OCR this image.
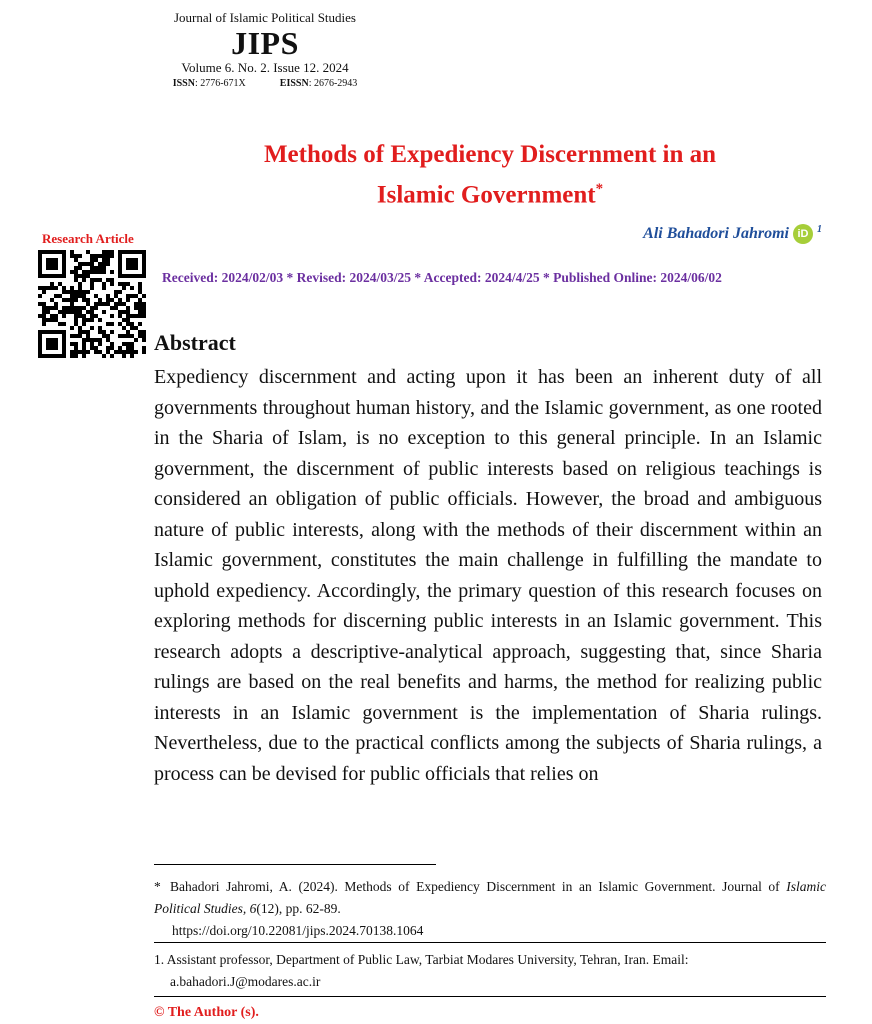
Journal of Islamic Political Studies
JIPS
Volume 6. No. 2. Issue 12. 2024
ISSN: 2776-671X	EISSN: 2676-2943
Methods of Expediency Discernment in an
Islamic Government*
Research Article	Ali Bahadori Jahromi iD 1
Received: 2024/02/03 * Revised: 2024/03/25 * Accepted: 2024/4/25 * Published Online: 2024/06/02
Abstract

Expediency discernment and acting upon it has been an inherent duty of all governments throughout human history, and the Islamic government, as one rooted in the Sharia of Islam, is no exception to this general principle. In an Islamic government, the discernment of public interests based on religious teachings is considered an obligation of public officials. However, the broad and ambiguous nature of public interests, along with the methods of their discernment within an Islamic government, constitutes the main challenge in fulfilling the mandate to uphold expediency. Accordingly, the primary question of this research focuses on exploring methods for discerning public interests in an Islamic government. This research adopts a descriptive-analytical approach, suggesting that, since Sharia rulings are based on the real benefits and harms, the method for realizing public interests in an Islamic government is the implementation of Sharia rulings. Nevertheless, due to the practical conflicts among the subjects of Sharia rulings, a process can be devised for public officials that relies on

* Bahadori Jahromi, A. (2024). Methods of Expediency Discernment in an Islamic Government. Journal of Islamic Political Studies, 6(12), pp. 62-89.
https://doi.org/10.22081/jips.2024.70138.1064
1. Assistant professor, Department of Public Law, Tarbiat Modares University, Tehran, Iran. Email:
a.bahadori.J@modares.ac.ir
© The Author (s).
